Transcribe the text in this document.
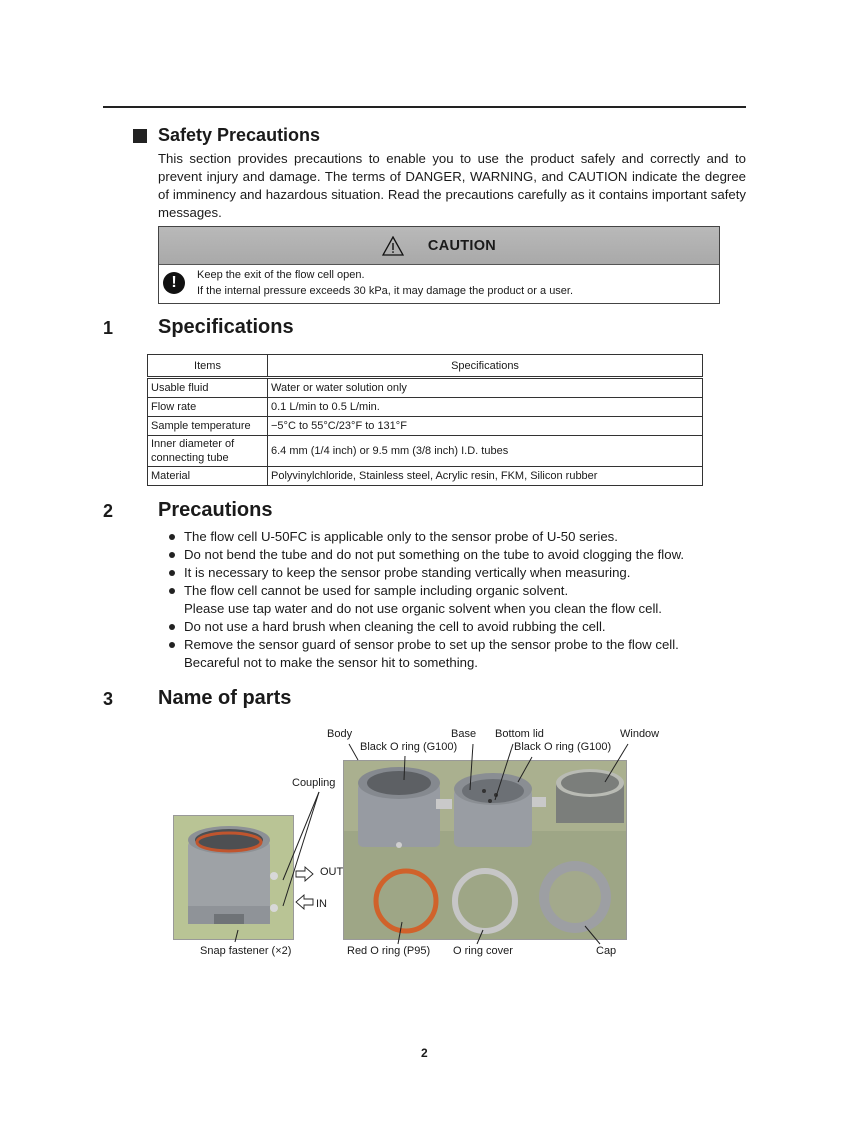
Safety Precautions
This section provides precautions to enable you to use the product safely and correctly and to prevent injury and damage. The terms of DANGER, WARNING, and CAUTION indicate the degree of imminency and hazardous situation. Read the precautions carefully as it contains important safety messages.
CAUTION
!	Keep the exit of the flow cell open.
If the internal pressure exceeds 30 kPa, it may damage the product or a user.
1 Specifications
Items	Specifications
Usable fluid	Water or water solution only
Flow rate	0.1 L/min to 0.5 L/min.
Sample temperature	−5°C to 55°C/23°F to 131°F
Inner diameter of connecting tube	6.4 mm (1/4 inch) or 9.5 mm (3/8 inch) I.D. tubes
Material	Polyvinylchloride, Stainless steel, Acrylic resin, FKM, Silicon rubber
2 Precautions
The flow cell U-50FC is applicable only to the sensor probe of U-50 series.
Do not bend the tube and do not put something on the tube to avoid clogging the flow.
It is necessary to keep the sensor probe standing vertically when measuring.
The flow cell cannot be used for sample including organic solvent.
Please use tap water and do not use organic solvent when you clean the flow cell.
Do not use a hard brush when cleaning the cell to avoid rubbing the cell.
Remove the sensor guard of sensor probe to set up the sensor probe to the flow cell.
Becareful not to make the sensor hit to something.
3 Name of parts
Body
Black O ring (G100)
Base Bottom lid
Black O ring (G100)
Window
Coupling
OUT
IN
Snap fastener (×2)	Red O ring (P95) O ring cover	Cap
2
